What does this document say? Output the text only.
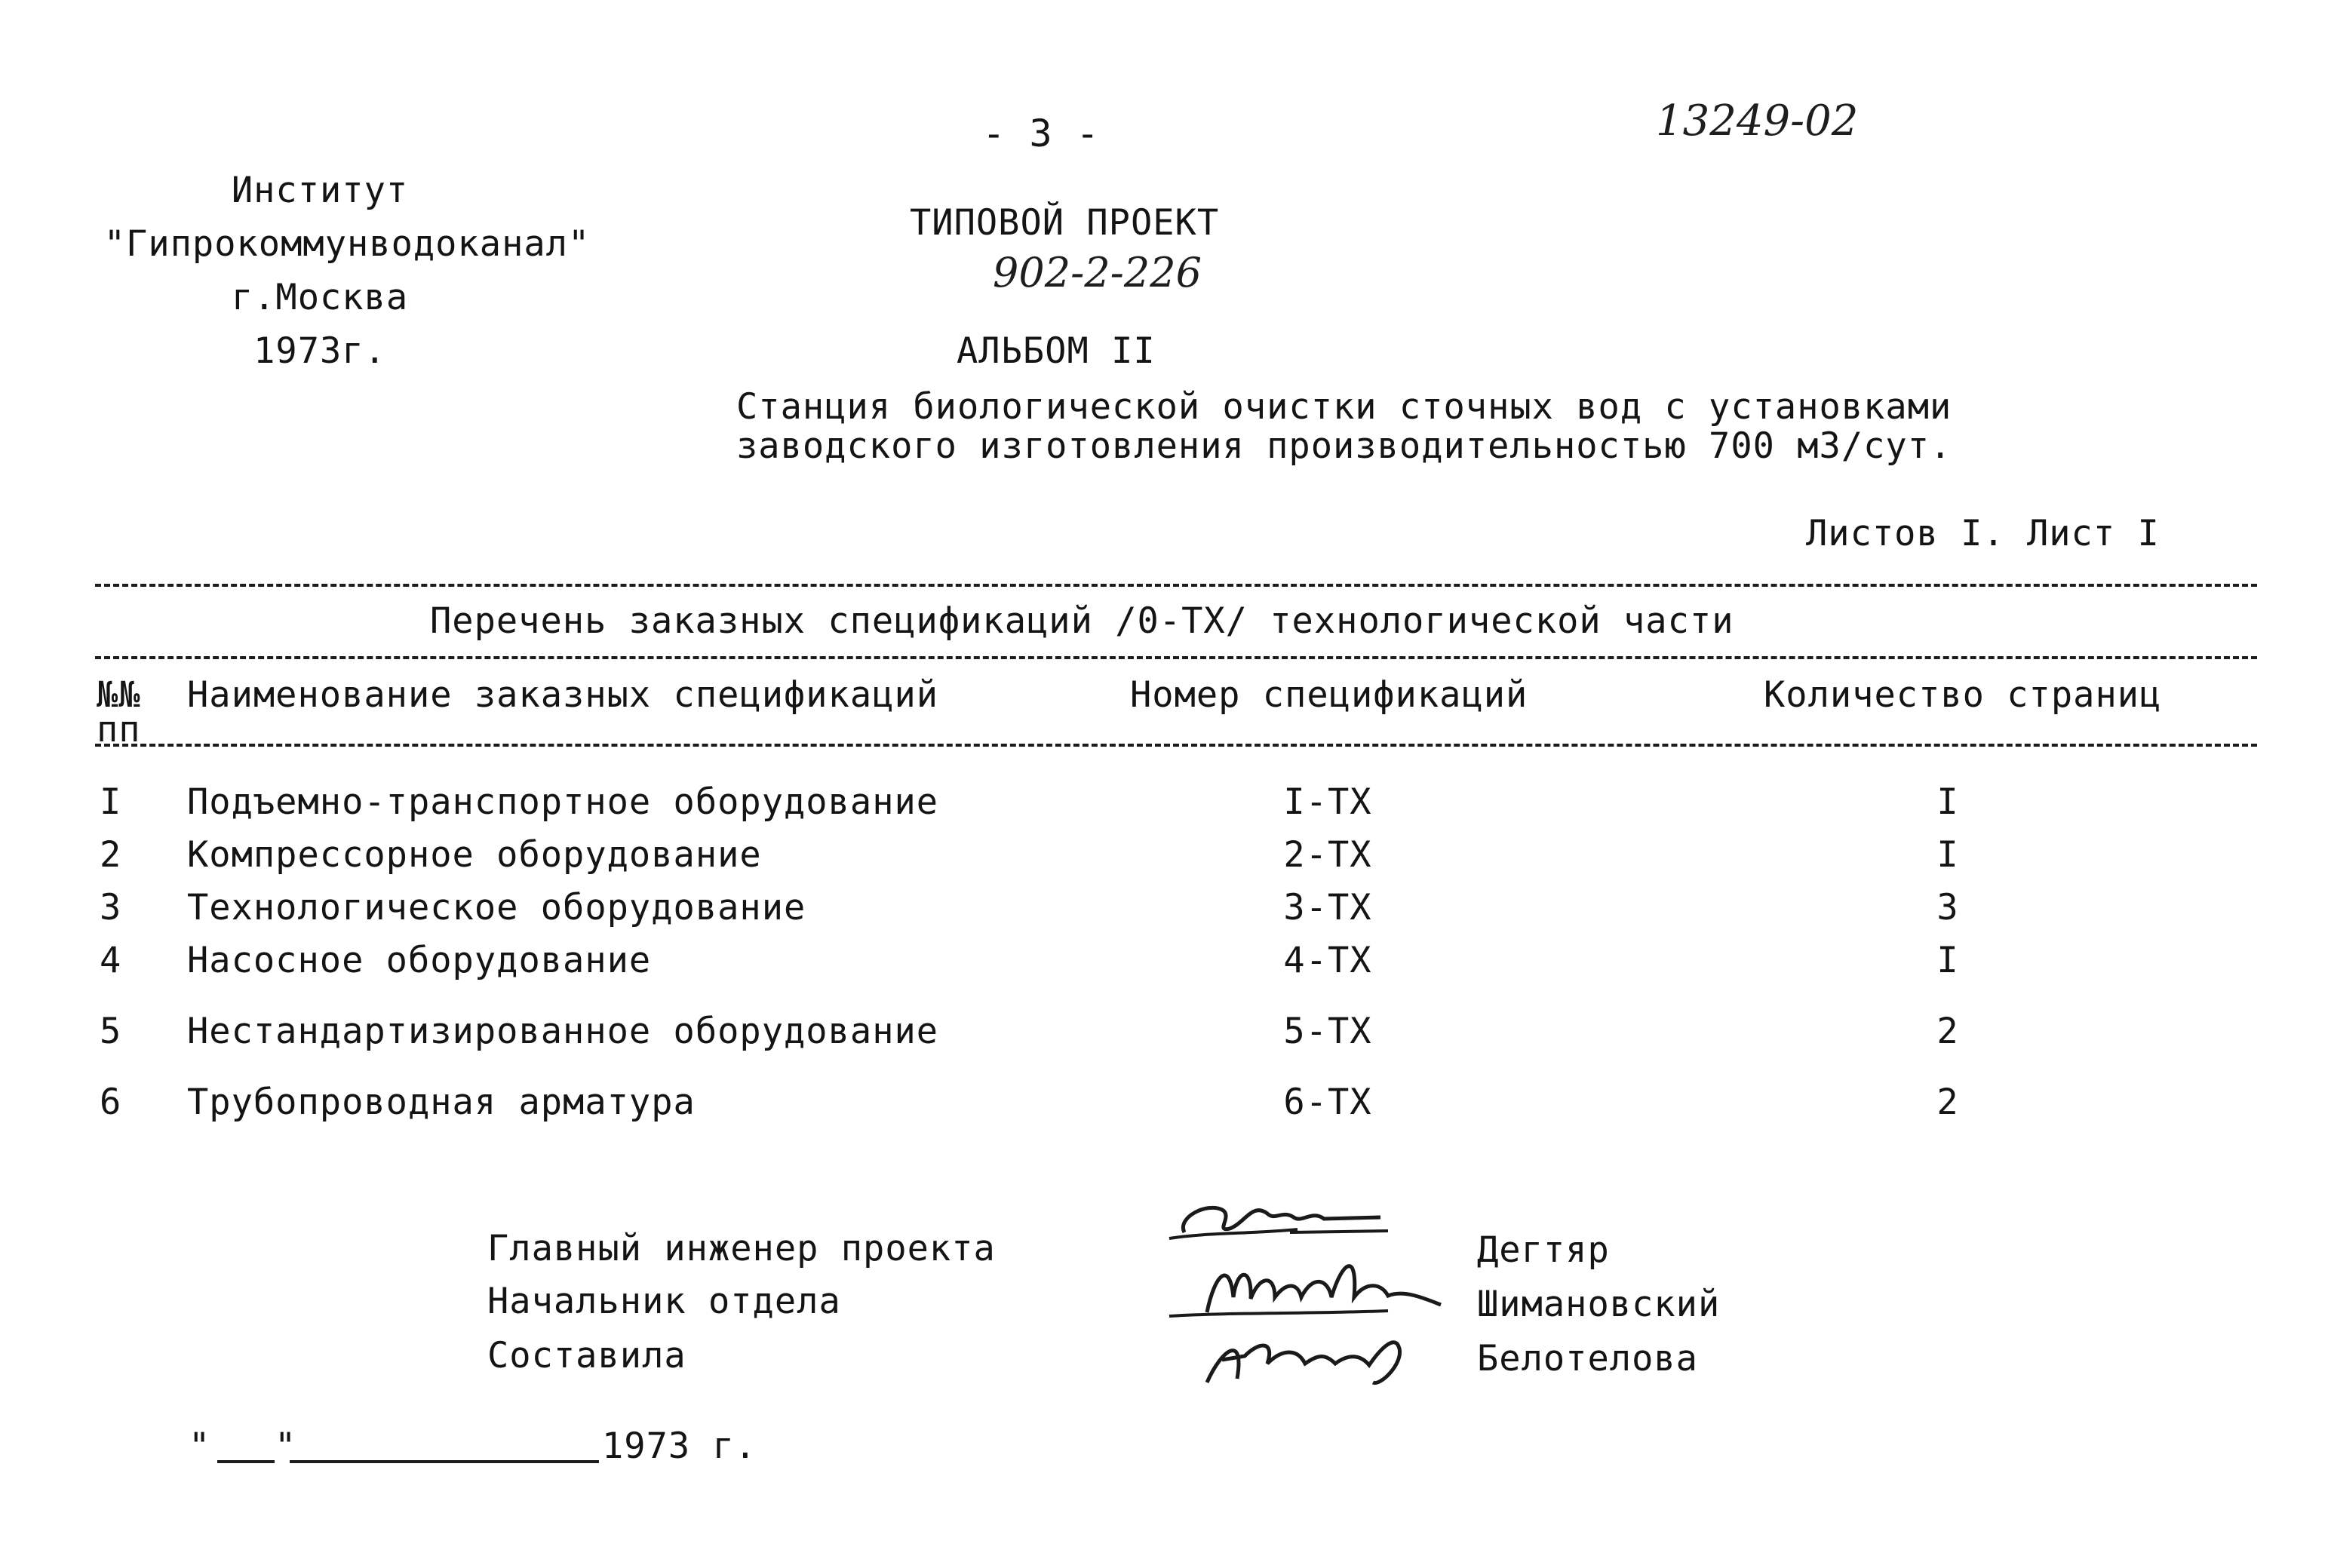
- 3 -	13249-02
Институт
"Гипрокоммунводоканал"
г.Москва
1973г.
ТИПОВОЙ ПРОЕКТ
902-2-226
АЛЬБОМ II
Станция биологической очистки сточных вод с установками
заводского изготовления производительностью 700 м3/сут.
Листов I. Лист I
Перечень заказных спецификаций /0-ТХ/ технологической части
№№
пп
Наименование заказных спецификаций	Номер спецификаций	Количество страниц
I Подъемно-транспортное оборудование	I-ТХ	I
2 Компрессорное оборудование	2-ТХ	I
3 Технологическое оборудование	3-ТХ	3
4 Насосное оборудование	4-ТХ	I
5 Нестандартизированное оборудование	5-ТХ	2
6 Трубопроводная арматура	6-ТХ	2
Главный инженер проекта
Начальник отдела
Составила
Дегтяр
Шимановский
Белотелова
" "	1973 г.
